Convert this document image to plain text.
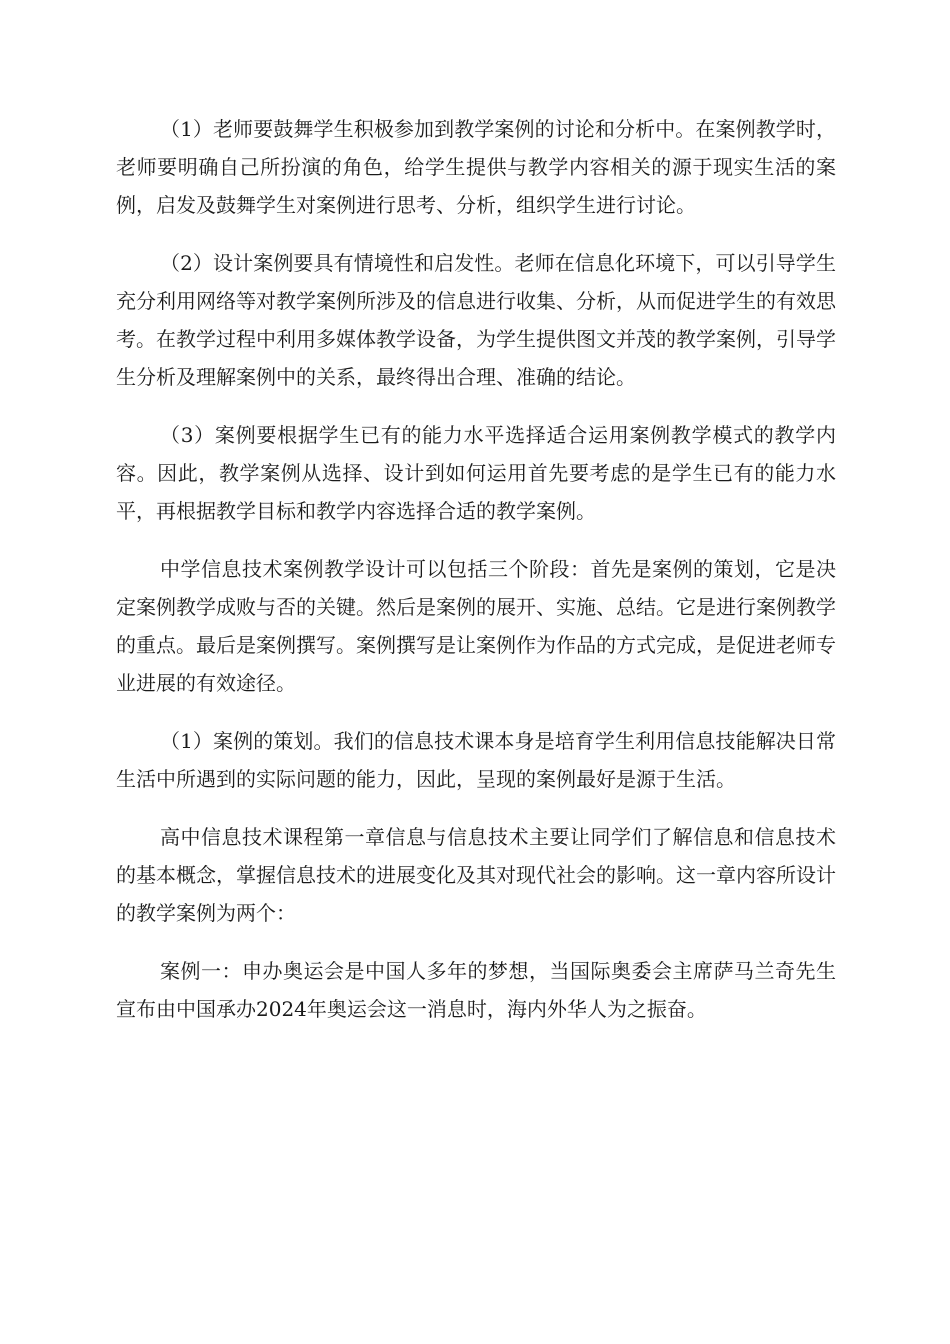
（1）老师要鼓舞学生积极参加到教学案例的讨论和分析中。在案例教学时，老师要明确自己所扮演的角色，给学生提供与教学内容相关的源于现实生活的案例，启发及鼓舞学生对案例进行思考、分析，组织学生进行讨论。

（2）设计案例要具有情境性和启发性。老师在信息化环境下，可以引导学生充分利用网络等对教学案例所涉及的信息进行收集、分析，从而促进学生的有效思考。在教学过程中利用多媒体教学设备，为学生提供图文并茂的教学案例，引导学生分析及理解案例中的关系，最终得出合理、准确的结论。

（3）案例要根据学生已有的能力水平选择适合运用案例教学模式的教学内容。因此，教学案例从选择、设计到如何运用首先要考虑的是学生已有的能力水平，再根据教学目标和教学内容选择合适的教学案例。

中学信息技术案例教学设计可以包括三个阶段：首先是案例的策划，它是决定案例教学成败与否的关键。然后是案例的展开、实施、总结。它是进行案例教学的重点。最后是案例撰写。案例撰写是让案例作为作品的方式完成，是促进老师专业进展的有效途径。

（1）案例的策划。我们的信息技术课本身是培育学生利用信息技能解决日常生活中所遇到的实际问题的能力，因此，呈现的案例最好是源于生活。

高中信息技术课程第一章信息与信息技术主要让同学们了解信息和信息技术的基本概念，掌握信息技术的进展变化及其对现代社会的影响。这一章内容所设计的教学案例为两个：

案例一：申办奥运会是中国人多年的梦想，当国际奥委会主席萨马兰奇先生宣布由中国承办2024年奥运会这一消息时，海内外华人为之振奋。
